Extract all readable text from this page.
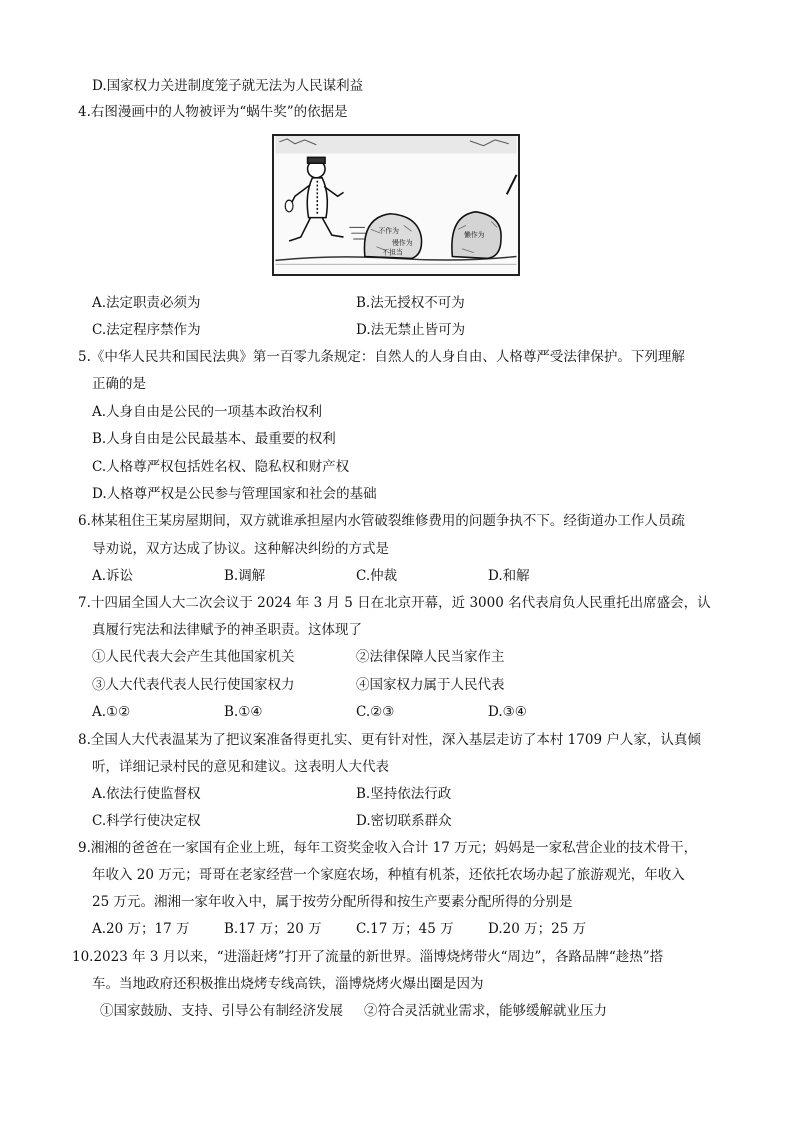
D.国家权力关进制度笼子就无法为人民谋利益
4.右图漫画中的人物被评为“蜗牛奖”的依据是
不作为
慢作为
不担当
懒作为
A.法定职责必须为	B.法无授权不可为
C.法定程序禁作为	D.法无禁止皆可为
5.《中华人民共和国民法典》第一百零九条规定：自然人的人身自由、人格尊严受法律保护。下列理解
正确的是
A.人身自由是公民的一项基本政治权利
B.人身自由是公民最基本、最重要的权利
C.人格尊严权包括姓名权、隐私权和财产权
D.人格尊严权是公民参与管理国家和社会的基础
6.林某租住王某房屋期间，双方就谁承担屋内水管破裂维修费用的问题争执不下。经街道办工作人员疏
导劝说，双方达成了协议。这种解决纠纷的方式是
A.诉讼	B.调解	C.仲裁	D.和解
7.十四届全国人大二次会议于 2024 年 3 月 5 日在北京开幕，近 3000 名代表肩负人民重托出席盛会，认
真履行宪法和法律赋予的神圣职责。这体现了
①人民代表大会产生其他国家机关	②法律保障人民当家作主
③人大代表代表人民行使国家权力	④国家权力属于人民代表
A.①②	B.①④	C.②③	D.③④
8.全国人大代表温某为了把议案准备得更扎实、更有针对性，深入基层走访了本村 1709 户人家，认真倾
听，详细记录村民的意见和建议。这表明人大代表
A.依法行使监督权	B.坚持依法行政
C.科学行使决定权	D.密切联系群众
9.湘湘的爸爸在一家国有企业上班，每年工资奖金收入合计 17 万元；妈妈是一家私营企业的技术骨干，
年收入 20 万元；哥哥在老家经营一个家庭农场，种植有机茶，还依托农场办起了旅游观光，年收入
25 万元。湘湘一家年收入中，属于按劳分配所得和按生产要素分配所得的分别是
A.20 万；17 万	B.17 万；20 万	C.17 万；45 万	D.20 万；25 万
10.2023 年 3 月以来，“进淄赶烤”打开了流量的新世界。淄博烧烤带火“周边”，各路品牌“趁热”搭
车。当地政府还积极推出烧烤专线高铁，淄博烧烤火爆出圈是因为
①国家鼓励、支持、引导公有制经济发展 ②符合灵活就业需求，能够缓解就业压力
